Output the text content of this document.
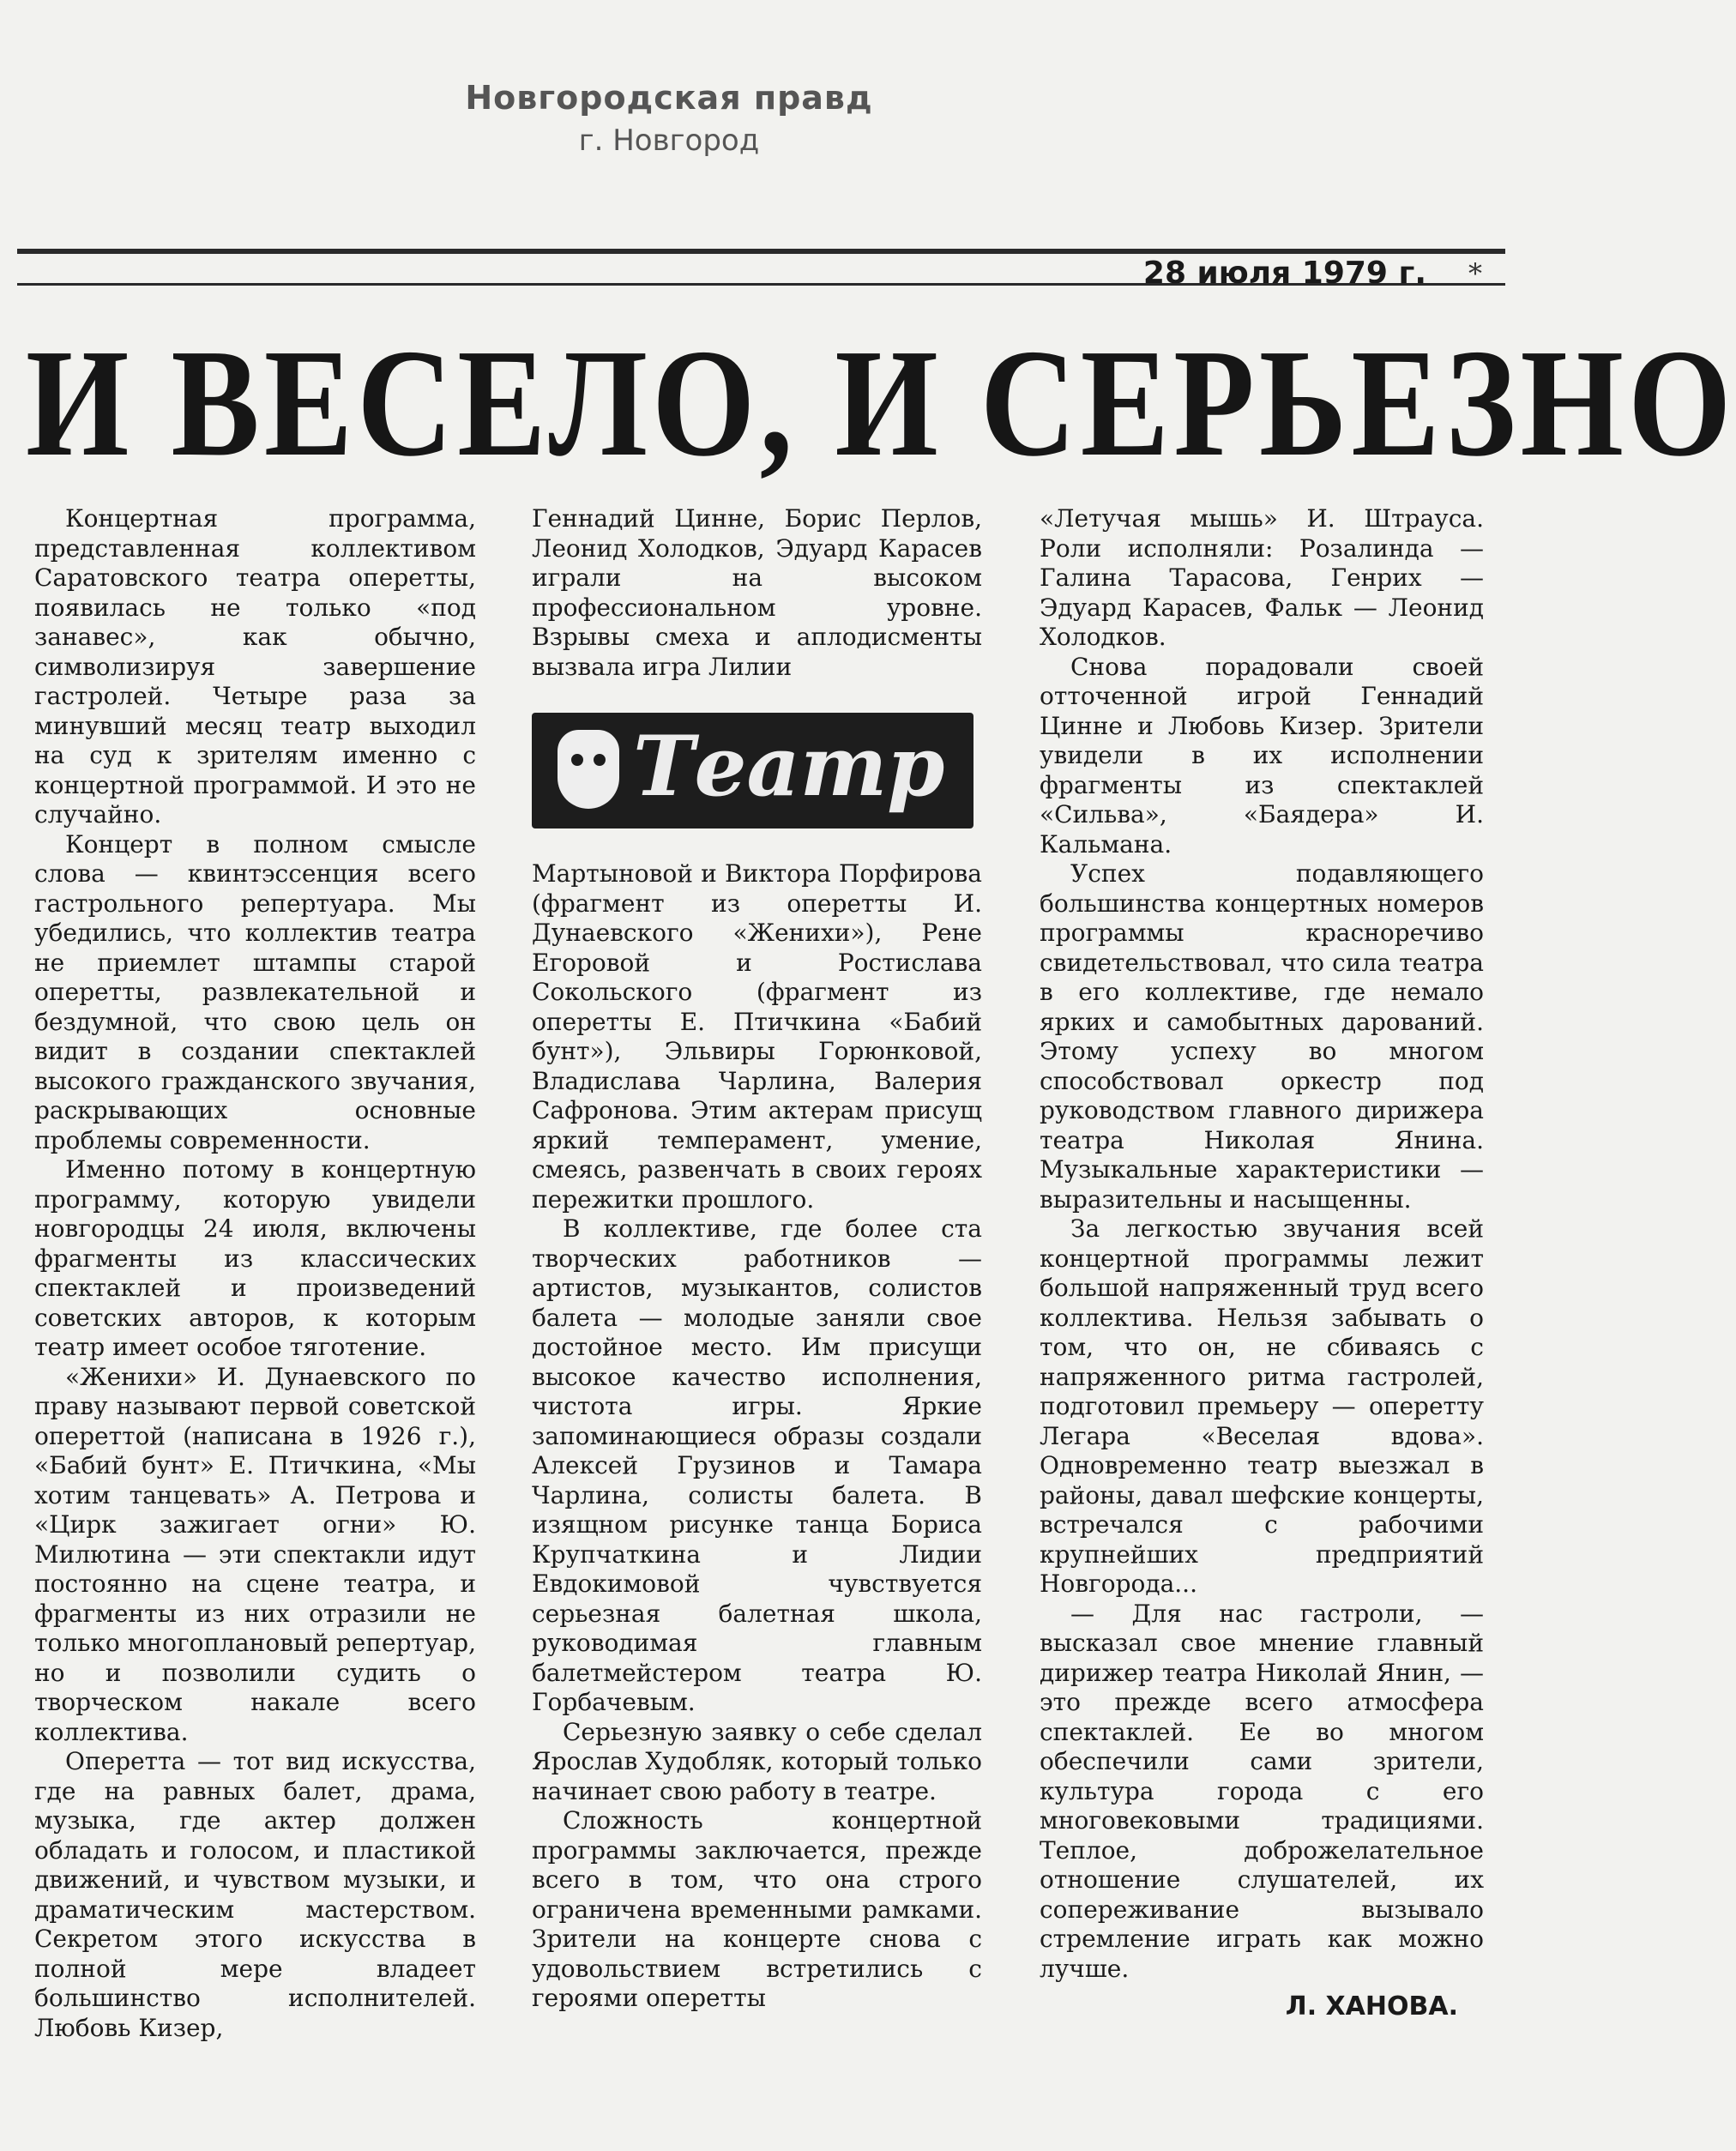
Новгородская правд
г. Новгород
28 июля 1979 г. *
И ВЕСЕЛО, И СЕРЬЕЗНО

Концертная программа, представленная коллективом Саратовского театра оперетты, появилась не только «под занавес», как обычно, символизируя завершение гастролей. Четыре раза за минувший месяц театр выходил на суд к зрителям именно с концертной программой. И это не случайно.

Концерт в полном смысле слова — квинтэссенция всего гастрольного репертуара. Мы убедились, что коллектив театра не приемлет штампы старой оперетты, развлекательной и бездумной, что свою цель он видит в создании спектаклей высокого гражданского звучания, раскрывающих основные проблемы современности.

Именно потому в концертную программу, которую увидели новгородцы 24 июля, включены фрагменты из классических спектаклей и произведений советских авторов, к которым театр имеет особое тяготение.

«Женихи» И. Дунаевского по праву называют первой советской опереттой (написана в 1926 г.), «Бабий бунт» Е. Птичкина, «Мы хотим танцевать» А. Петрова и «Цирк зажигает огни» Ю. Милютина — эти спектакли идут постоянно на сцене театра, и фрагменты из них отразили не только многоплановый репертуар, но и позволили судить о творческом накале всего коллектива.

Оперетта — тот вид искусства, где на равных балет, драма, музыка, где актер должен обладать и голосом, и пластикой движений, и чувством музыки, и драматическим мастерством. Секретом этого искусства в полной мере владеет большинство исполнителей. Любовь Кизер,

Геннадий Цинне, Борис Перлов, Леонид Холодков, Эдуард Карасев играли на высоком профессиональном уровне. Взрывы смеха и аплодисменты вызвала игра Лилии

Театр

Мартыновой и Виктора Порфирова (фрагмент из оперетты И. Дунаевского «Женихи»), Рене Егоровой и Ростислава Сокольского (фрагмент из оперетты Е. Птичкина «Бабий бунт»), Эльвиры Горюнковой, Владислава Чарлина, Валерия Сафронова. Этим актерам присущ яркий темперамент, умение, смеясь, развенчать в своих героях пережитки прошлого.

В коллективе, где более ста творческих работников — артистов, музыкантов, солистов балета — молодые заняли свое достойное место. Им присущи высокое качество исполнения, чистота игры. Яркие запоминающиеся образы создали Алексей Грузинов и Тамара Чарлина, солисты балета. В изящном рисунке танца Бориса Крупчаткина и Лидии Евдокимовой чувствуется серьезная балетная школа, руководимая главным балетмейстером театра Ю. Горбачевым.

Серьезную заявку о себе сделал Ярослав Худобляк, который только начинает свою работу в театре.

Сложность концертной программы заключается, прежде всего в том, что она строго ограничена временными рамками. Зрители на концерте снова с удовольствием встретились с героями оперетты

«Летучая мышь» И. Штрауса. Роли исполняли: Розалинда — Галина Тарасова, Генрих — Эдуард Карасев, Фальк — Леонид Холодков.

Снова порадовали своей отточенной игрой Геннадий Цинне и Любовь Кизер. Зрители увидели в их исполнении фрагменты из спектаклей «Сильва», «Баядера» И. Кальмана.

Успех подавляющего большинства концертных номеров программы красноречиво свидетельствовал, что сила театра в его коллективе, где немало ярких и самобытных дарований. Этому успеху во многом способствовал оркестр под руководством главного дирижера театра Николая Янина. Музыкальные характеристики — выразительны и насыщенны.

За легкостью звучания всей концертной программы лежит большой напряженный труд всего коллектива. Нельзя забывать о том, что он, не сбиваясь с напряженного ритма гастролей, подготовил премьеру — оперетту Легара «Веселая вдова». Одновременно театр выезжал в районы, давал шефские концерты, встречался с рабочими крупнейших предприятий Новгорода...

— Для нас гастроли, — высказал свое мнение главный дирижер театра Николай Янин, — это прежде всего атмосфера спектаклей. Ее во многом обеспечили сами зрители, культура города с его многовековыми традициями. Теплое, доброжелательное отношение слушателей, их сопереживание вызывало стремление играть как можно лучше.

Л. ХАНОВА.
